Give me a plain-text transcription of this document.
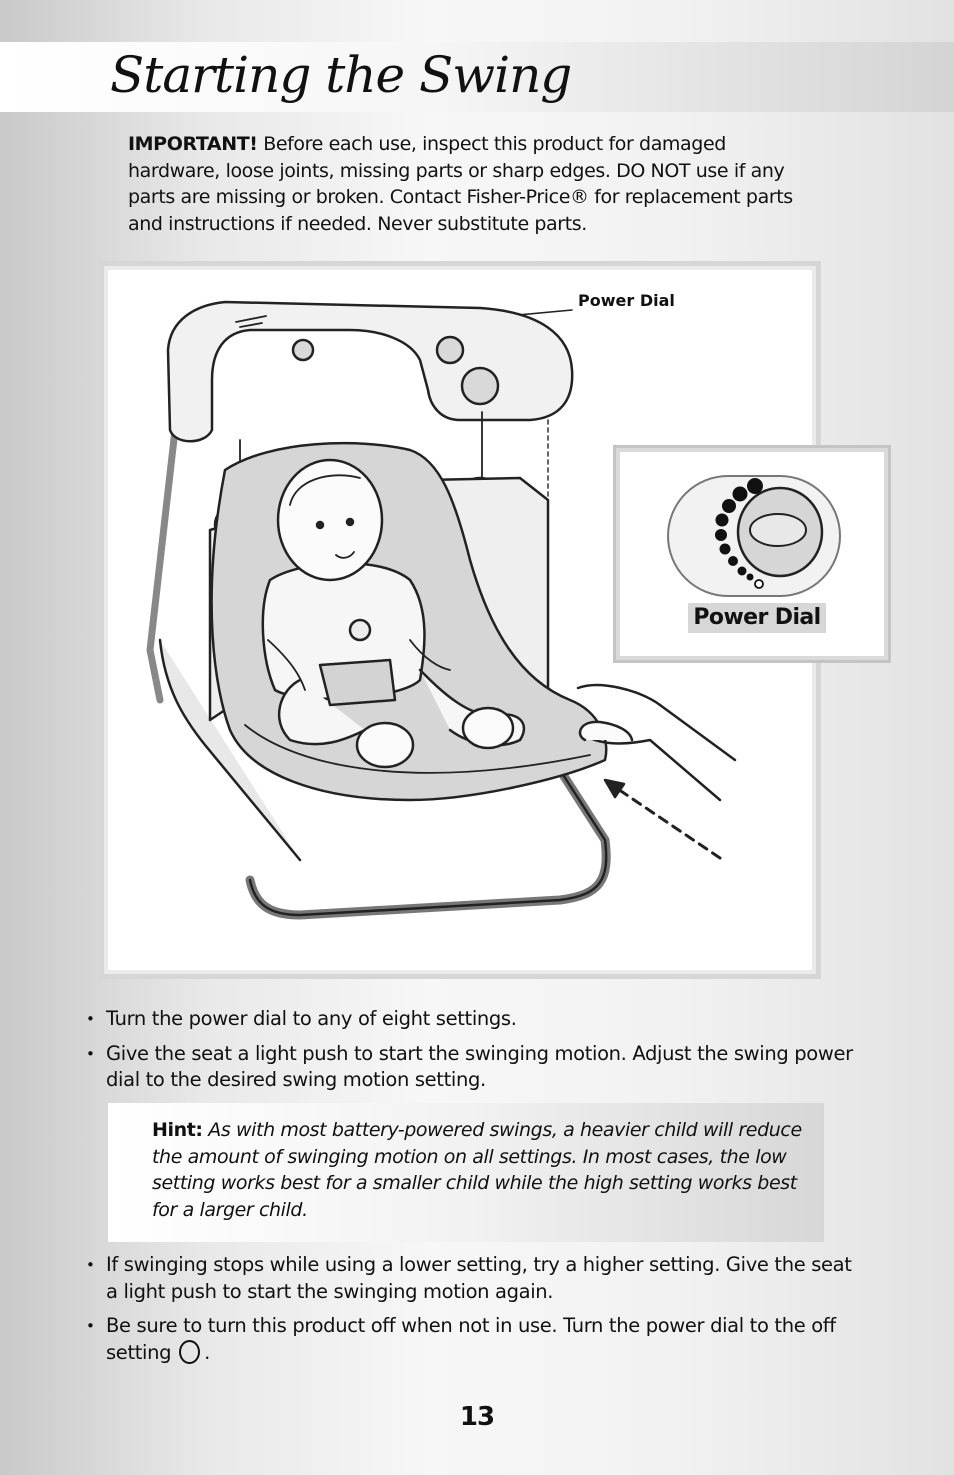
Starting the Swing

IMPORTANT! Before each use, inspect this product for damaged hardware, loose joints, missing parts or sharp edges. DO NOT use if any parts are missing or broken. Contact Fisher-Price® for replacement parts and instructions if needed. Never substitute parts.

Power Dial

Power Dial

• Turn the power dial to any of eight settings.
• Give the seat a light push to start the swinging motion. Adjust the swing power dial to the desired swing motion setting.

Hint: As with most battery-powered swings, a heavier child will reduce the amount of swinging motion on all settings. In most cases, the low setting works best for a smaller child while the high setting works best for a larger child.

• If swinging stops while using a lower setting, try a higher setting. Give the seat a light push to start the swinging motion again.
• Be sure to turn this product off when not in use. Turn the power dial to the off setting .

13
